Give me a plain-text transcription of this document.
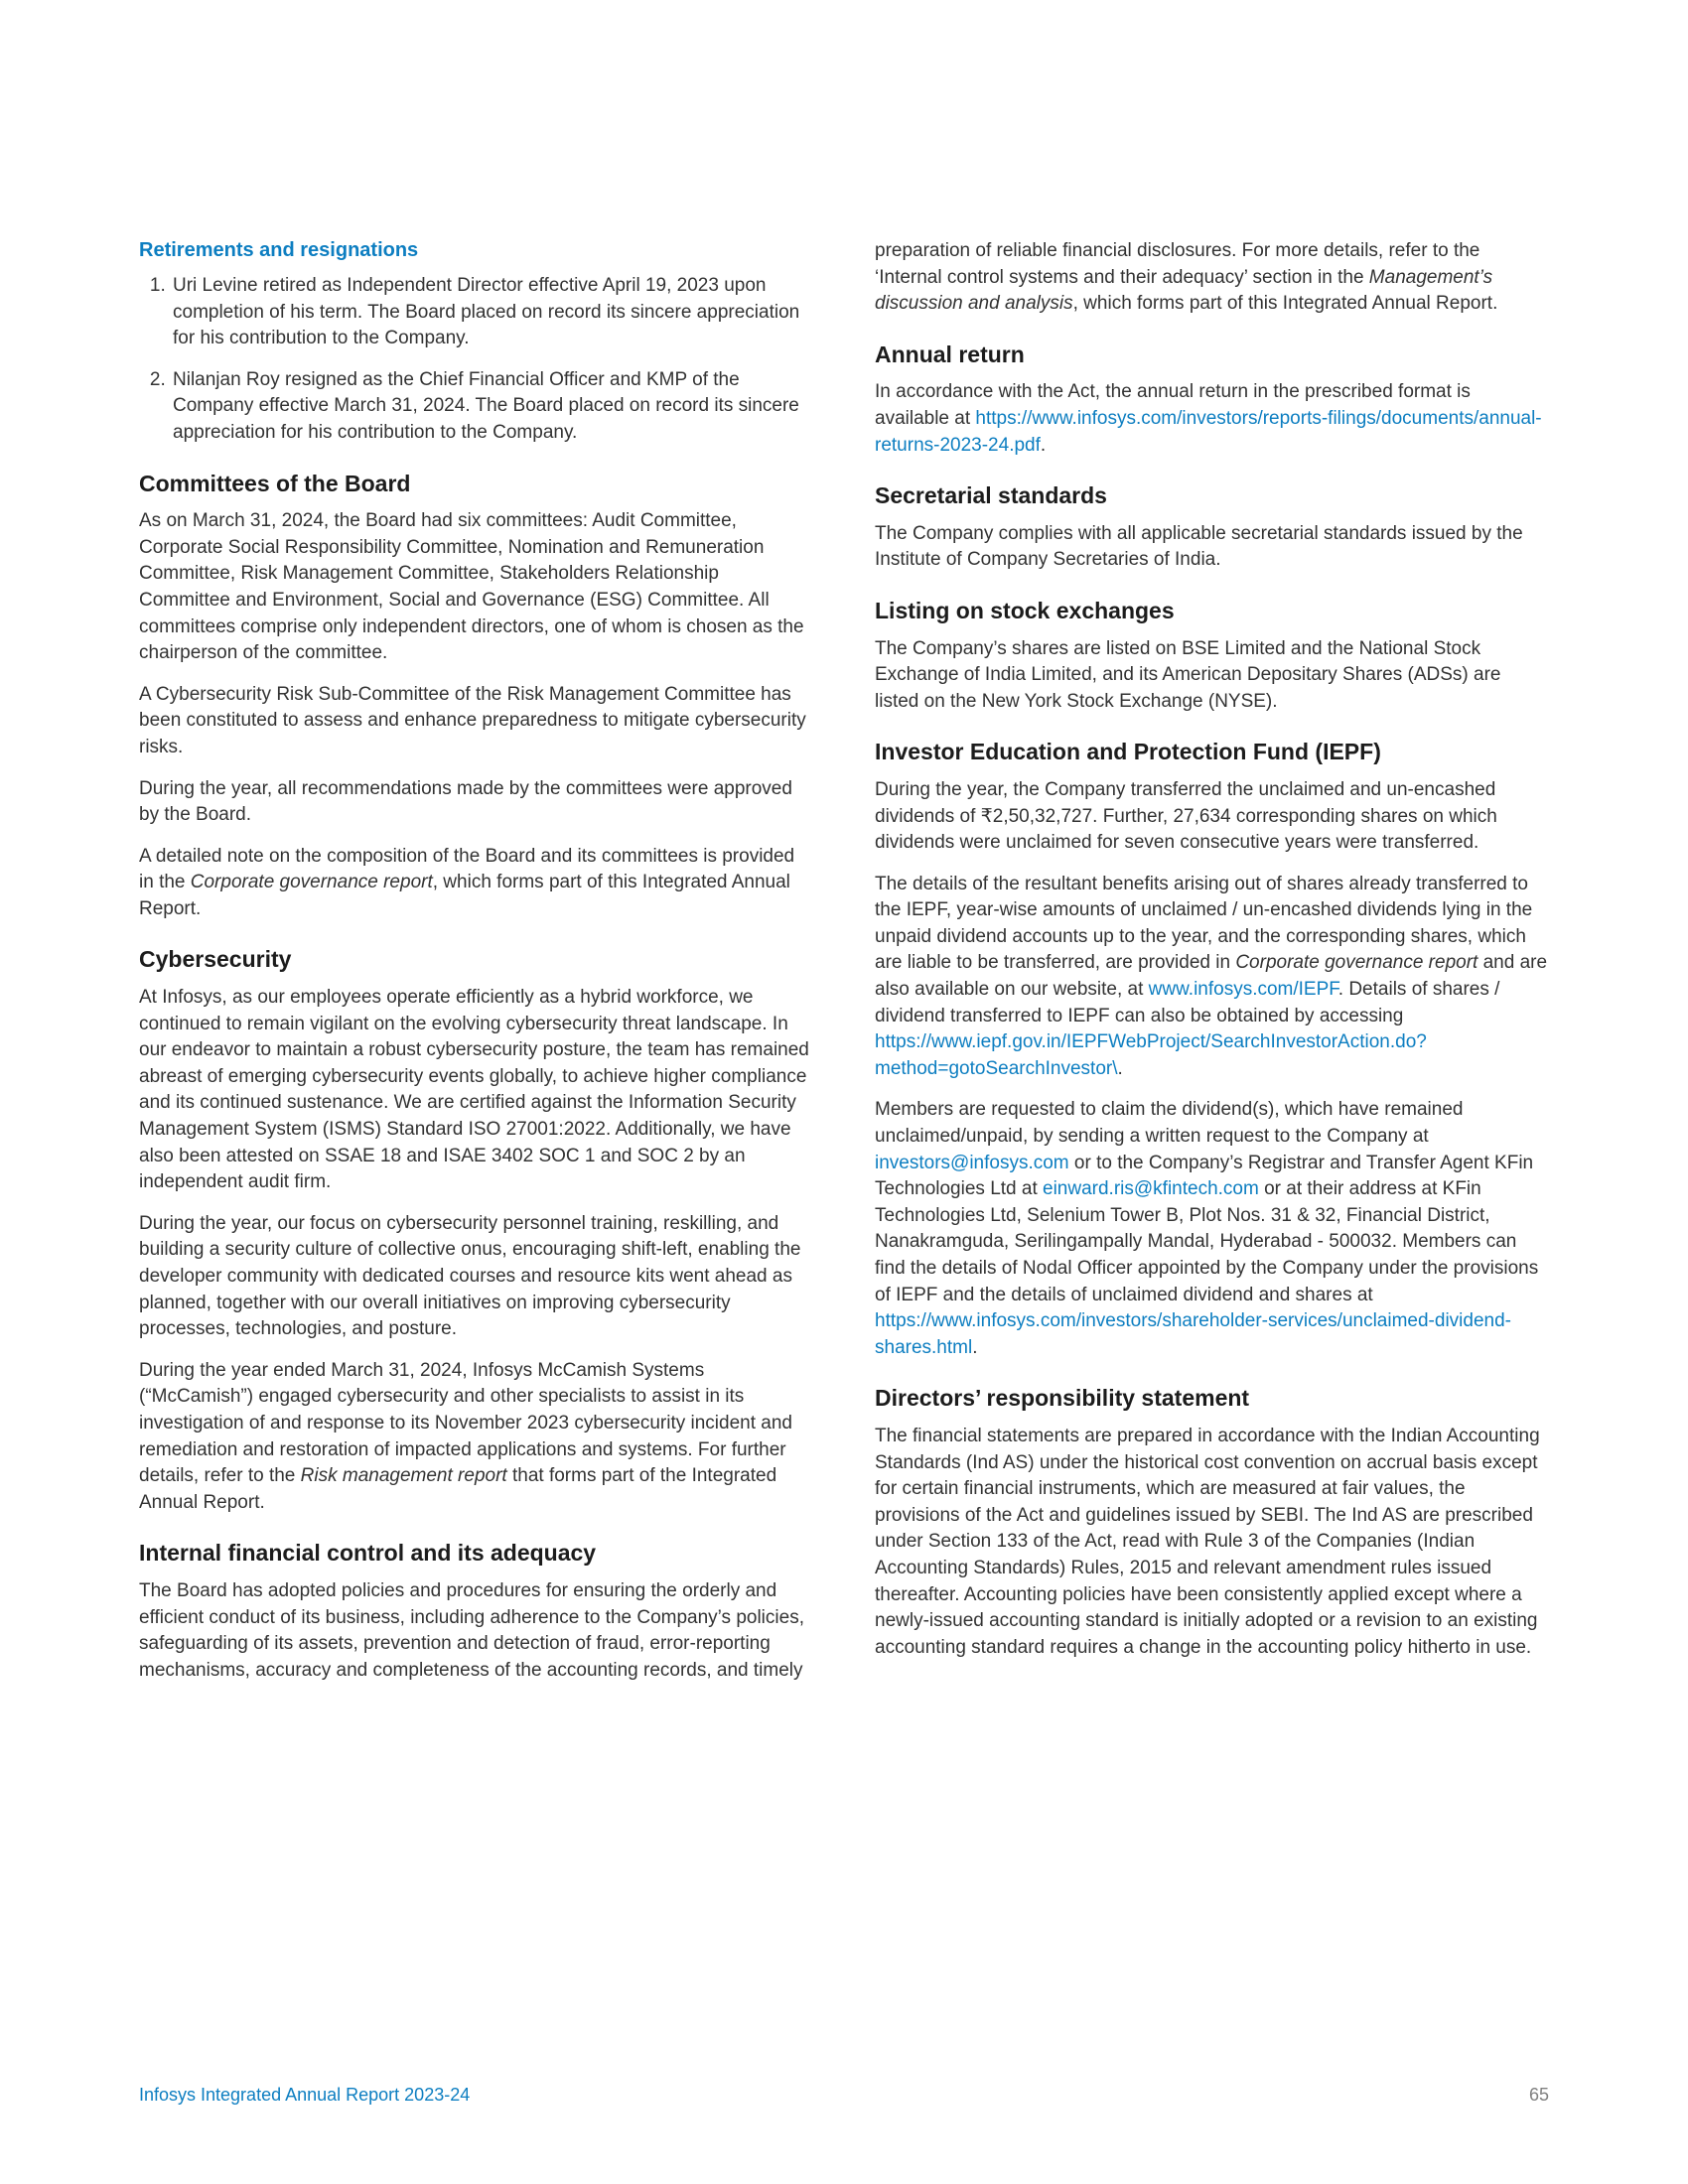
Retirements and resignations
1. Uri Levine retired as Independent Director effective April 19, 2023 upon completion of his term. The Board placed on record its sincere appreciation for his contribution to the Company.
2. Nilanjan Roy resigned as the Chief Financial Officer and KMP of the Company effective March 31, 2024. The Board placed on record its sincere appreciation for his contribution to the Company.
Committees of the Board

As on March 31, 2024, the Board had six committees: Audit Committee, Corporate Social Responsibility Committee, Nomination and Remuneration Committee, Risk Management Committee, Stakeholders Relationship Committee and Environment, Social and Governance (ESG) Committee. All committees comprise only independent directors, one of whom is chosen as the chairperson of the committee.

A Cybersecurity Risk Sub-Committee of the Risk Management Committee has been constituted to assess and enhance preparedness to mitigate cybersecurity risks.

During the year, all recommendations made by the committees were approved by the Board.

A detailed note on the composition of the Board and its committees is provided in the Corporate governance report, which forms part of this Integrated Annual Report.

Cybersecurity

At Infosys, as our employees operate efficiently as a hybrid workforce, we continued to remain vigilant on the evolving cybersecurity threat landscape. In our endeavor to maintain a robust cybersecurity posture, the team has remained abreast of emerging cybersecurity events globally, to achieve higher compliance and its continued sustenance. We are certified against the Information Security Management System (ISMS) Standard ISO 27001:2022. Additionally, we have also been attested on SSAE 18 and ISAE 3402 SOC 1 and SOC 2 by an independent audit firm.

During the year, our focus on cybersecurity personnel training, reskilling, and building a security culture of collective onus, encouraging shift-left, enabling the developer community with dedicated courses and resource kits went ahead as planned, together with our overall initiatives on improving cybersecurity processes, technologies, and posture.

During the year ended March 31, 2024, Infosys McCamish Systems (“McCamish”) engaged cybersecurity and other specialists to assist in its investigation of and response to its November 2023 cybersecurity incident and remediation and restoration of impacted applications and systems. For further details, refer to the Risk management report that forms part of the Integrated Annual Report.

Internal financial control and its adequacy

The Board has adopted policies and procedures for ensuring the orderly and efficient conduct of its business, including adherence to the Company’s policies, safeguarding of its assets, prevention and detection of fraud, error-reporting mechanisms, accuracy and completeness of the accounting records, and timely

preparation of reliable financial disclosures. For more details, refer to the ‘Internal control systems and their adequacy’ section in the Management’s discussion and analysis, which forms part of this Integrated Annual Report.

Annual return

In accordance with the Act, the annual return in the prescribed format is available at https://www.infosys.com/investors/reports-filings/documents/annual-returns-2023-24.pdf.

Secretarial standards

The Company complies with all applicable secretarial standards issued by the Institute of Company Secretaries of India.

Listing on stock exchanges

The Company’s shares are listed on BSE Limited and the National Stock Exchange of India Limited, and its American Depositary Shares (ADSs) are listed on the New York Stock Exchange (NYSE).

Investor Education and Protection Fund (IEPF)

During the year, the Company transferred the unclaimed and un-encashed dividends of ₹2,50,32,727. Further, 27,634 corresponding shares on which dividends were unclaimed for seven consecutive years were transferred.

The details of the resultant benefits arising out of shares already transferred to the IEPF, year-wise amounts of unclaimed / un-encashed dividends lying in the unpaid dividend accounts up to the year, and the corresponding shares, which are liable to be transferred, are provided in Corporate governance report and are also available on our website, at www.infosys.com/IEPF. Details of shares / dividend transferred to IEPF can also be obtained by accessing https://www.iepf.gov.in/IEPFWebProject/SearchInvestorAction.do?method=gotoSearchInvestor\.

Members are requested to claim the dividend(s), which have remained unclaimed/unpaid, by sending a written request to the Company at investors@infosys.com or to the Company’s Registrar and Transfer Agent KFin Technologies Ltd at einward.ris@kfintech.com or at their address at KFin Technologies Ltd, Selenium Tower B, Plot Nos. 31 & 32, Financial District, Nanakramguda, Serilingampally Mandal, Hyderabad - 500032. Members can find the details of Nodal Officer appointed by the Company under the provisions of IEPF and the details of unclaimed dividend and shares at https://www.infosys.com/investors/shareholder-services/unclaimed-dividend-shares.html.

Directors’ responsibility statement

The financial statements are prepared in accordance with the Indian Accounting Standards (Ind AS) under the historical cost convention on accrual basis except for certain financial instruments, which are measured at fair values, the provisions of the Act and guidelines issued by SEBI. The Ind AS are prescribed under Section 133 of the Act, read with Rule 3 of the Companies (Indian Accounting Standards) Rules, 2015 and relevant amendment rules issued thereafter. Accounting policies have been consistently applied except where a newly-issued accounting standard is initially adopted or a revision to an existing accounting standard requires a change in the accounting policy hitherto in use.

Infosys Integrated Annual Report 2023-24	65
